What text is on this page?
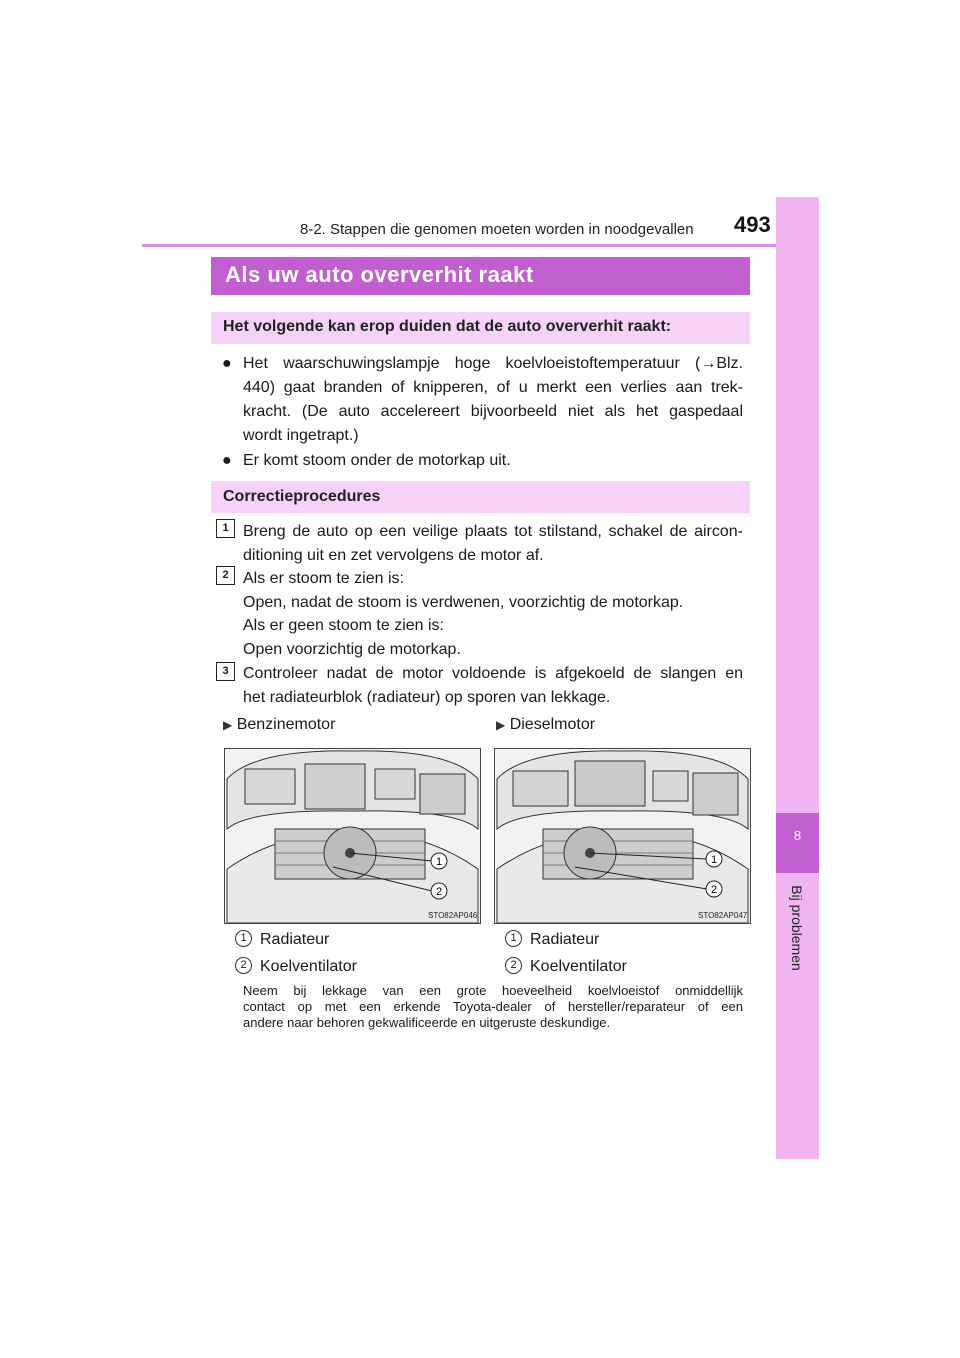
8-2. Stappen die genomen moeten worden in noodgevallen 493
8
Bij problemen
Als uw auto oververhit raakt
Het volgende kan erop duiden dat de auto oververhit raakt:
● Het waarschuwingslampje hoge koelvloeistoftemperatuur (→Blz.
440) gaat branden of knipperen, of u merkt een verlies aan trek-
kracht. (De auto accelereert bijvoorbeeld niet als het gaspedaal
wordt ingetrapt.)
● Er komt stoom onder de motorkap uit.
Correctieprocedures
1 Breng de auto op een veilige plaats tot stilstand, schakel de aircon-
ditioning uit en zet vervolgens de motor af.
2 Als er stoom te zien is:
Open, nadat de stoom is verdwenen, voorzichtig de motorkap.
Als er geen stoom te zien is:
Open voorzichtig de motorkap.
3 Controleer nadat de motor voldoende is afgekoeld de slangen en
het radiateurblok (radiateur) op sporen van lekkage.
▶ Benzinemotor	▶ Dieselmotor
1
2
STO82AP046
1
2
STO82AP047
1 Radiateur
2 Koelventilator
1 Radiateur
2 Koelventilator
Neem bij lekkage van een grote hoeveelheid koelvloeistof onmiddellijk
contact op met een erkende Toyota-dealer of hersteller/reparateur of een
andere naar behoren gekwalificeerde en uitgeruste deskundige.
